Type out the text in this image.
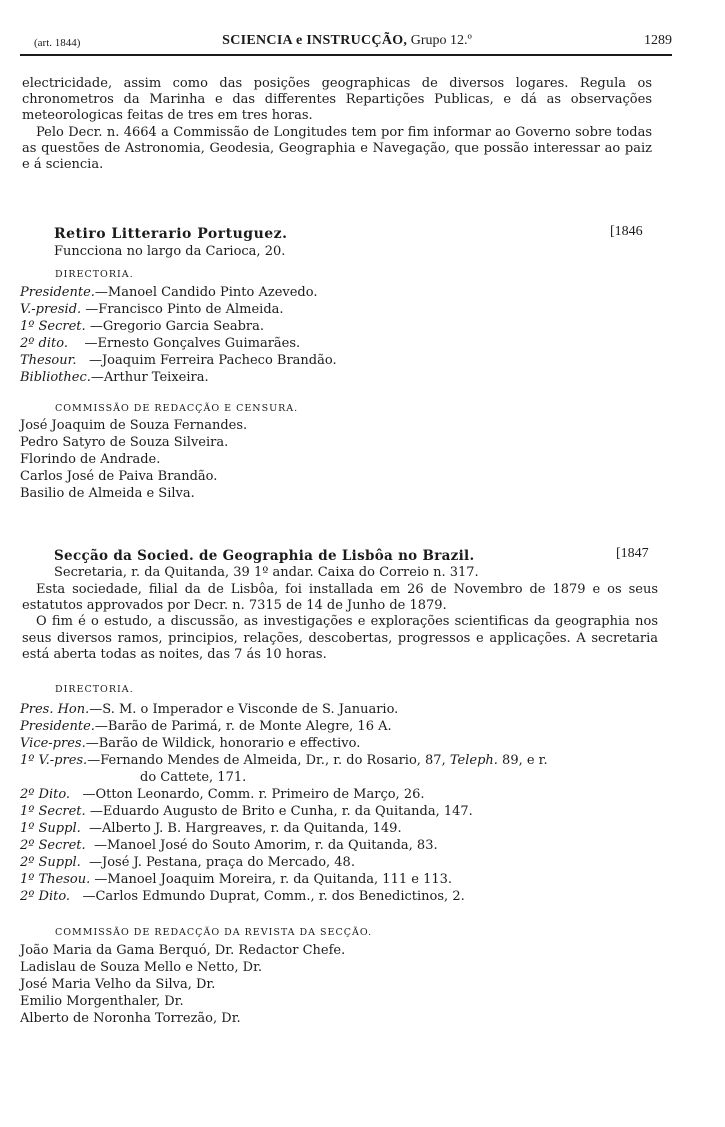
(art. 1844)	SCIENCIA e INSTRUCÇÃO, Grupo 12.º	1289

electricidade, assim como das posições geographicas de diversos logares. Regula os chronometros da Marinha e das differentes Repartições Publicas, e dá as observações meteorologicas feitas de tres em tres horas.

Pelo Decr. n. 4664 a Commissão de Longitudes tem por fim informar ao Governo sobre todas as questões de Astronomia, Geodesia, Geographia e Navegação, que possão interessar ao paiz e á sciencia.

Retiro Litterario Portuguez.	[1846
Funcciona no largo da Carioca, 20.
DIRECTORIA.
Presidente.—Manoel Candido Pinto Azevedo.
V.-presid. —Francisco Pinto de Almeida.
1º Secret. —Gregorio Garcia Seabra.
2º dito. —Ernesto Gonçalves Guimarães.
Thesour. —Joaquim Ferreira Pacheco Brandão.
Bibliothec.—Arthur Teixeira.
COMMISSÃO DE REDACÇÃO E CENSURA.
José Joaquim de Souza Fernandes.
Pedro Satyro de Souza Silveira.
Florindo de Andrade.
Carlos José de Paiva Brandão.
Basilio de Almeida e Silva.
Secção da Socied. de Geographia de Lisbôa no Brazil.	[1847
Secretaria, r. da Quitanda, 39 1º andar. Caixa do Correio n. 317.

Esta sociedade, filial da de Lisbôa, foi installada em 26 de Novembro de 1879 e os seus estatutos approvados por Decr. n. 7315 de 14 de Junho de 1879.

O fim é o estudo, a discussão, as investigações e explorações scientificas da geographia nos seus diversos ramos, principios, relações, descobertas, progressos e applicações. A secretaria está aberta todas as noites, das 7 ás 10 horas.

DIRECTORIA.
Pres. Hon.—S. M. o Imperador e Visconde de S. Januario.
Presidente.—Barão de Parimá, r. de Monte Alegre, 16 A.
Vice-pres.—Barão de Wildick, honorario e effectivo.
1º V.-pres.—Fernando Mendes de Almeida, Dr., r. do Rosario, 87, Teleph. 89, e r.
do Cattete, 171.
2º Dito. —Otton Leonardo, Comm. r. Primeiro de Março, 26.
1º Secret. —Eduardo Augusto de Brito e Cunha, r. da Quitanda, 147.
1º Suppl. —Alberto J. B. Hargreaves, r. da Quitanda, 149.
2º Secret. —Manoel José do Souto Amorim, r. da Quitanda, 83.
2º Suppl. —José J. Pestana, praça do Mercado, 48.
1º Thesou. —Manoel Joaquim Moreira, r. da Quitanda, 111 e 113.
2º Dito. —Carlos Edmundo Duprat, Comm., r. dos Benedictinos, 2.
COMMISSÃO DE REDACÇÃO DA REVISTA DA SECÇÃO.
João Maria da Gama Berquó, Dr. Redactor Chefe.
Ladislau de Souza Mello e Netto, Dr.
José Maria Velho da Silva, Dr.
Emilio Morgenthaler, Dr.
Alberto de Noronha Torrezão, Dr.
